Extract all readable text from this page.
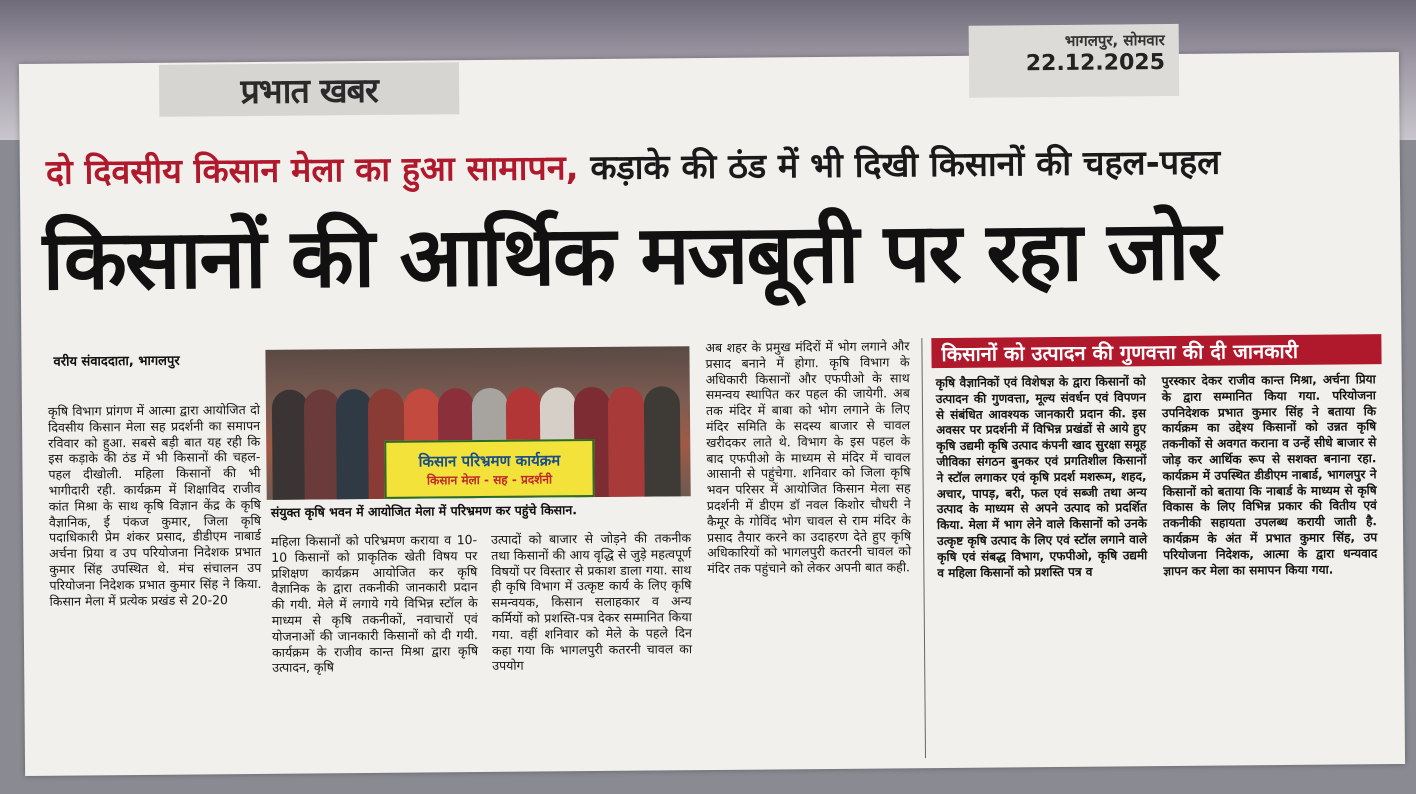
प्रभात खबर
भागलपुर, सोमवार
22.12.2025
दो दिवसीय किसान मेला का हुआ सामापन, कड़ाके की ठंड में भी दिखी किसानों की चहल-पहल
किसानों की आर्थिक मजबूती पर रहा जोर
वरीय संवाददाता, भागलपुर
कृषि विभाग प्रांगण में आत्मा द्वारा आयोजित दो दिवसीय किसान मेला सह प्रदर्शनी का समापन रविवार को हुआ. सबसे बड़ी बात यह रही कि इस कड़ाके की ठंड में भी किसानों की चहल-पहल दीखोली. महिला किसानों की भी भागीदारी रही. कार्यक्रम में शिक्षाविद राजीव कांत मिश्रा के साथ कृषि विज्ञान केंद्र के कृषि वैज्ञानिक, ई पंकज कुमार, जिला कृषि पदाधिकारी प्रेम शंकर प्रसाद, डीडीएम नाबार्ड अर्चना प्रिया व उप परियोजना निदेशक प्रभात कुमार सिंह उपस्थित थे. मंच संचालन उप परियोजना निदेशक प्रभात कुमार सिंह ने किया. किसान मेला में प्रत्येक प्रखंड से 20-20
किसान परिभ्रमण कार्यक्रम
किसान मेला - सह - प्रदर्शनी
संयुक्त कृषि भवन में आयोजित मेला में परिभ्रमण कर पहुंचे किसान.
महिला किसानों को परिभ्रमण कराया व 10-10 किसानों को प्राकृतिक खेती विषय पर प्रशिक्षण कार्यक्रम आयोजित कर कृषि वैज्ञानिक के द्वारा तकनीकी जानकारी प्रदान की गयी. मेले में लगाये गये विभिन्न स्टॉल के माध्यम से कृषि तकनीकों, नवाचारों एवं योजनाओं की जानकारी किसानों को दी गयी. कार्यक्रम के राजीव कान्त मिश्रा द्वारा कृषि उत्पादन, कृषि
उत्पादों को बाजार से जोड़ने की तकनीक तथा किसानों की आय वृद्धि से जुड़े महत्वपूर्ण विषयों पर विस्तार से प्रकाश डाला गया. साथ ही कृषि विभाग में उत्कृष्ट कार्य के लिए कृषि समन्वयक, किसान सलाहकार व अन्य कर्मियों को प्रशस्ति-पत्र देकर सम्मानित किया गया. वहीं शनिवार को मेले के पहले दिन कहा गया कि भागलपुरी कतरनी चावल का उपयोग
अब शहर के प्रमुख मंदिरों में भोग लगाने और प्रसाद बनाने में होगा. कृषि विभाग के अधिकारी किसानों और एफपीओ के साथ समन्वय स्थापित कर पहल की जायेगी. अब तक मंदिर में बाबा को भोग लगाने के लिए मंदिर समिति के सदस्य बाजार से चावल खरीदकर लाते थे. विभाग के इस पहल के बाद एफपीओ के माध्यम से मंदिर में चावल आसानी से पहुंचेगा. शनिवार को जिला कृषि भवन परिसर में आयोजित किसान मेला सह प्रदर्शनी में डीएम डॉ नवल किशोर चौधरी ने कैमूर के गोविंद भोग चावल से राम मंदिर के प्रसाद तैयार करने का उदाहरण देते हुए कृषि अधिकारियों को भागलपुरी कतरनी चावल को मंदिर तक पहुंचाने को लेकर अपनी बात कही.
किसानों को उत्पादन की गुणवत्ता की दी जानकारी
कृषि वैज्ञानिकों एवं विशेषज्ञ के द्वारा किसानों को उत्पादन की गुणवत्ता, मूल्य संवर्धन एवं विपणन से संबंधित आवश्यक जानकारी प्रदान की. इस अवसर पर प्रदर्शनी में विभिन्न प्रखंडों से आये हुए कृषि उद्यमी कृषि उत्पाद कंपनी खाद सुरक्षा समूह जीविका संगठन बुनकर एवं प्रगतिशील किसानों ने स्टॉल लगाकर एवं कृषि प्रदर्श मशरूम, शहद, अचार, पापड़, बरी, फल एवं सब्जी तथा अन्य उत्पाद के माध्यम से अपने उत्पाद को प्रदर्शित किया. मेला में भाग लेने वाले किसानों को उनके उत्कृष्ट कृषि उत्पाद के लिए एवं स्टॉल लगाने वाले कृषि एवं संबद्ध विभाग, एफपीओ, कृषि उद्यमी व महिला किसानों को प्रशस्ति पत्र व
पुरस्कार देकर राजीव कान्त मिश्रा, अर्चना प्रिया के द्वारा सम्मानित किया गया. परियोजना उपनिदेशक प्रभात कुमार सिंह ने बताया कि कार्यक्रम का उद्देश्य किसानों को उन्नत कृषि तकनीकों से अवगत कराना व उन्हें सीधे बाजार से जोड़ कर आर्थिक रूप से सशक्त बनाना रहा. कार्यक्रम में उपस्थित डीडीएम नाबार्ड, भागलपुर ने किसानों को बताया कि नाबार्ड के माध्यम से कृषि विकास के लिए विभिन्न प्रकार की वितीय एवं तकनीकी सहायता उपलब्ध करायी जाती है. कार्यक्रम के अंत में प्रभात कुमार सिंह, उप परियोजना निदेशक, आत्मा के द्वारा धन्यवाद ज्ञापन कर मेला का समापन किया गया.
